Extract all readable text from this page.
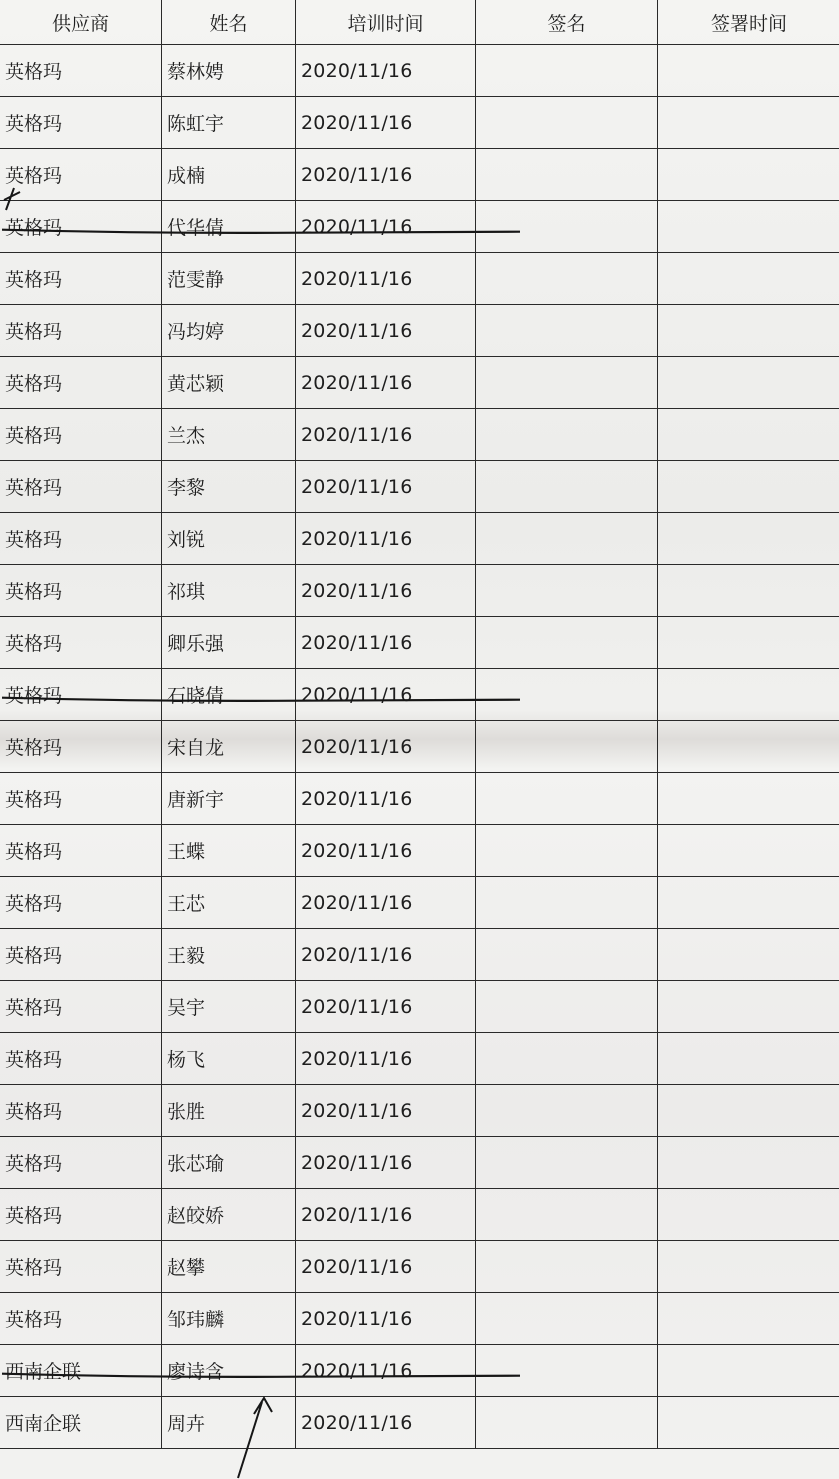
供应商	姓名	培训时间	签名	签署时间
英格玛	蔡林娉	2020/11/16		
英格玛	陈虹宇	2020/11/16		
英格玛	成楠	2020/11/16		
英格玛	代华倩	2020/11/16		
英格玛	范雯静	2020/11/16		
英格玛	冯均婷	2020/11/16		
英格玛	黄芯颖	2020/11/16		
英格玛	兰杰	2020/11/16		
英格玛	李黎	2020/11/16		
英格玛	刘锐	2020/11/16		
英格玛	祁琪	2020/11/16		
英格玛	卿乐强	2020/11/16		
英格玛	石晓倩	2020/11/16		
英格玛	宋自龙	2020/11/16		
英格玛	唐新宇	2020/11/16		
英格玛	王蝶	2020/11/16		
英格玛	王芯	2020/11/16		
英格玛	王毅	2020/11/16		
英格玛	吴宇	2020/11/16		
英格玛	杨飞	2020/11/16		
英格玛	张胜	2020/11/16		
英格玛	张芯瑜	2020/11/16		
英格玛	赵皎娇	2020/11/16		
英格玛	赵攀	2020/11/16		
英格玛	邹玮麟	2020/11/16		
西南企联	廖诗含	2020/11/16		
西南企联	周卉	2020/11/16		
